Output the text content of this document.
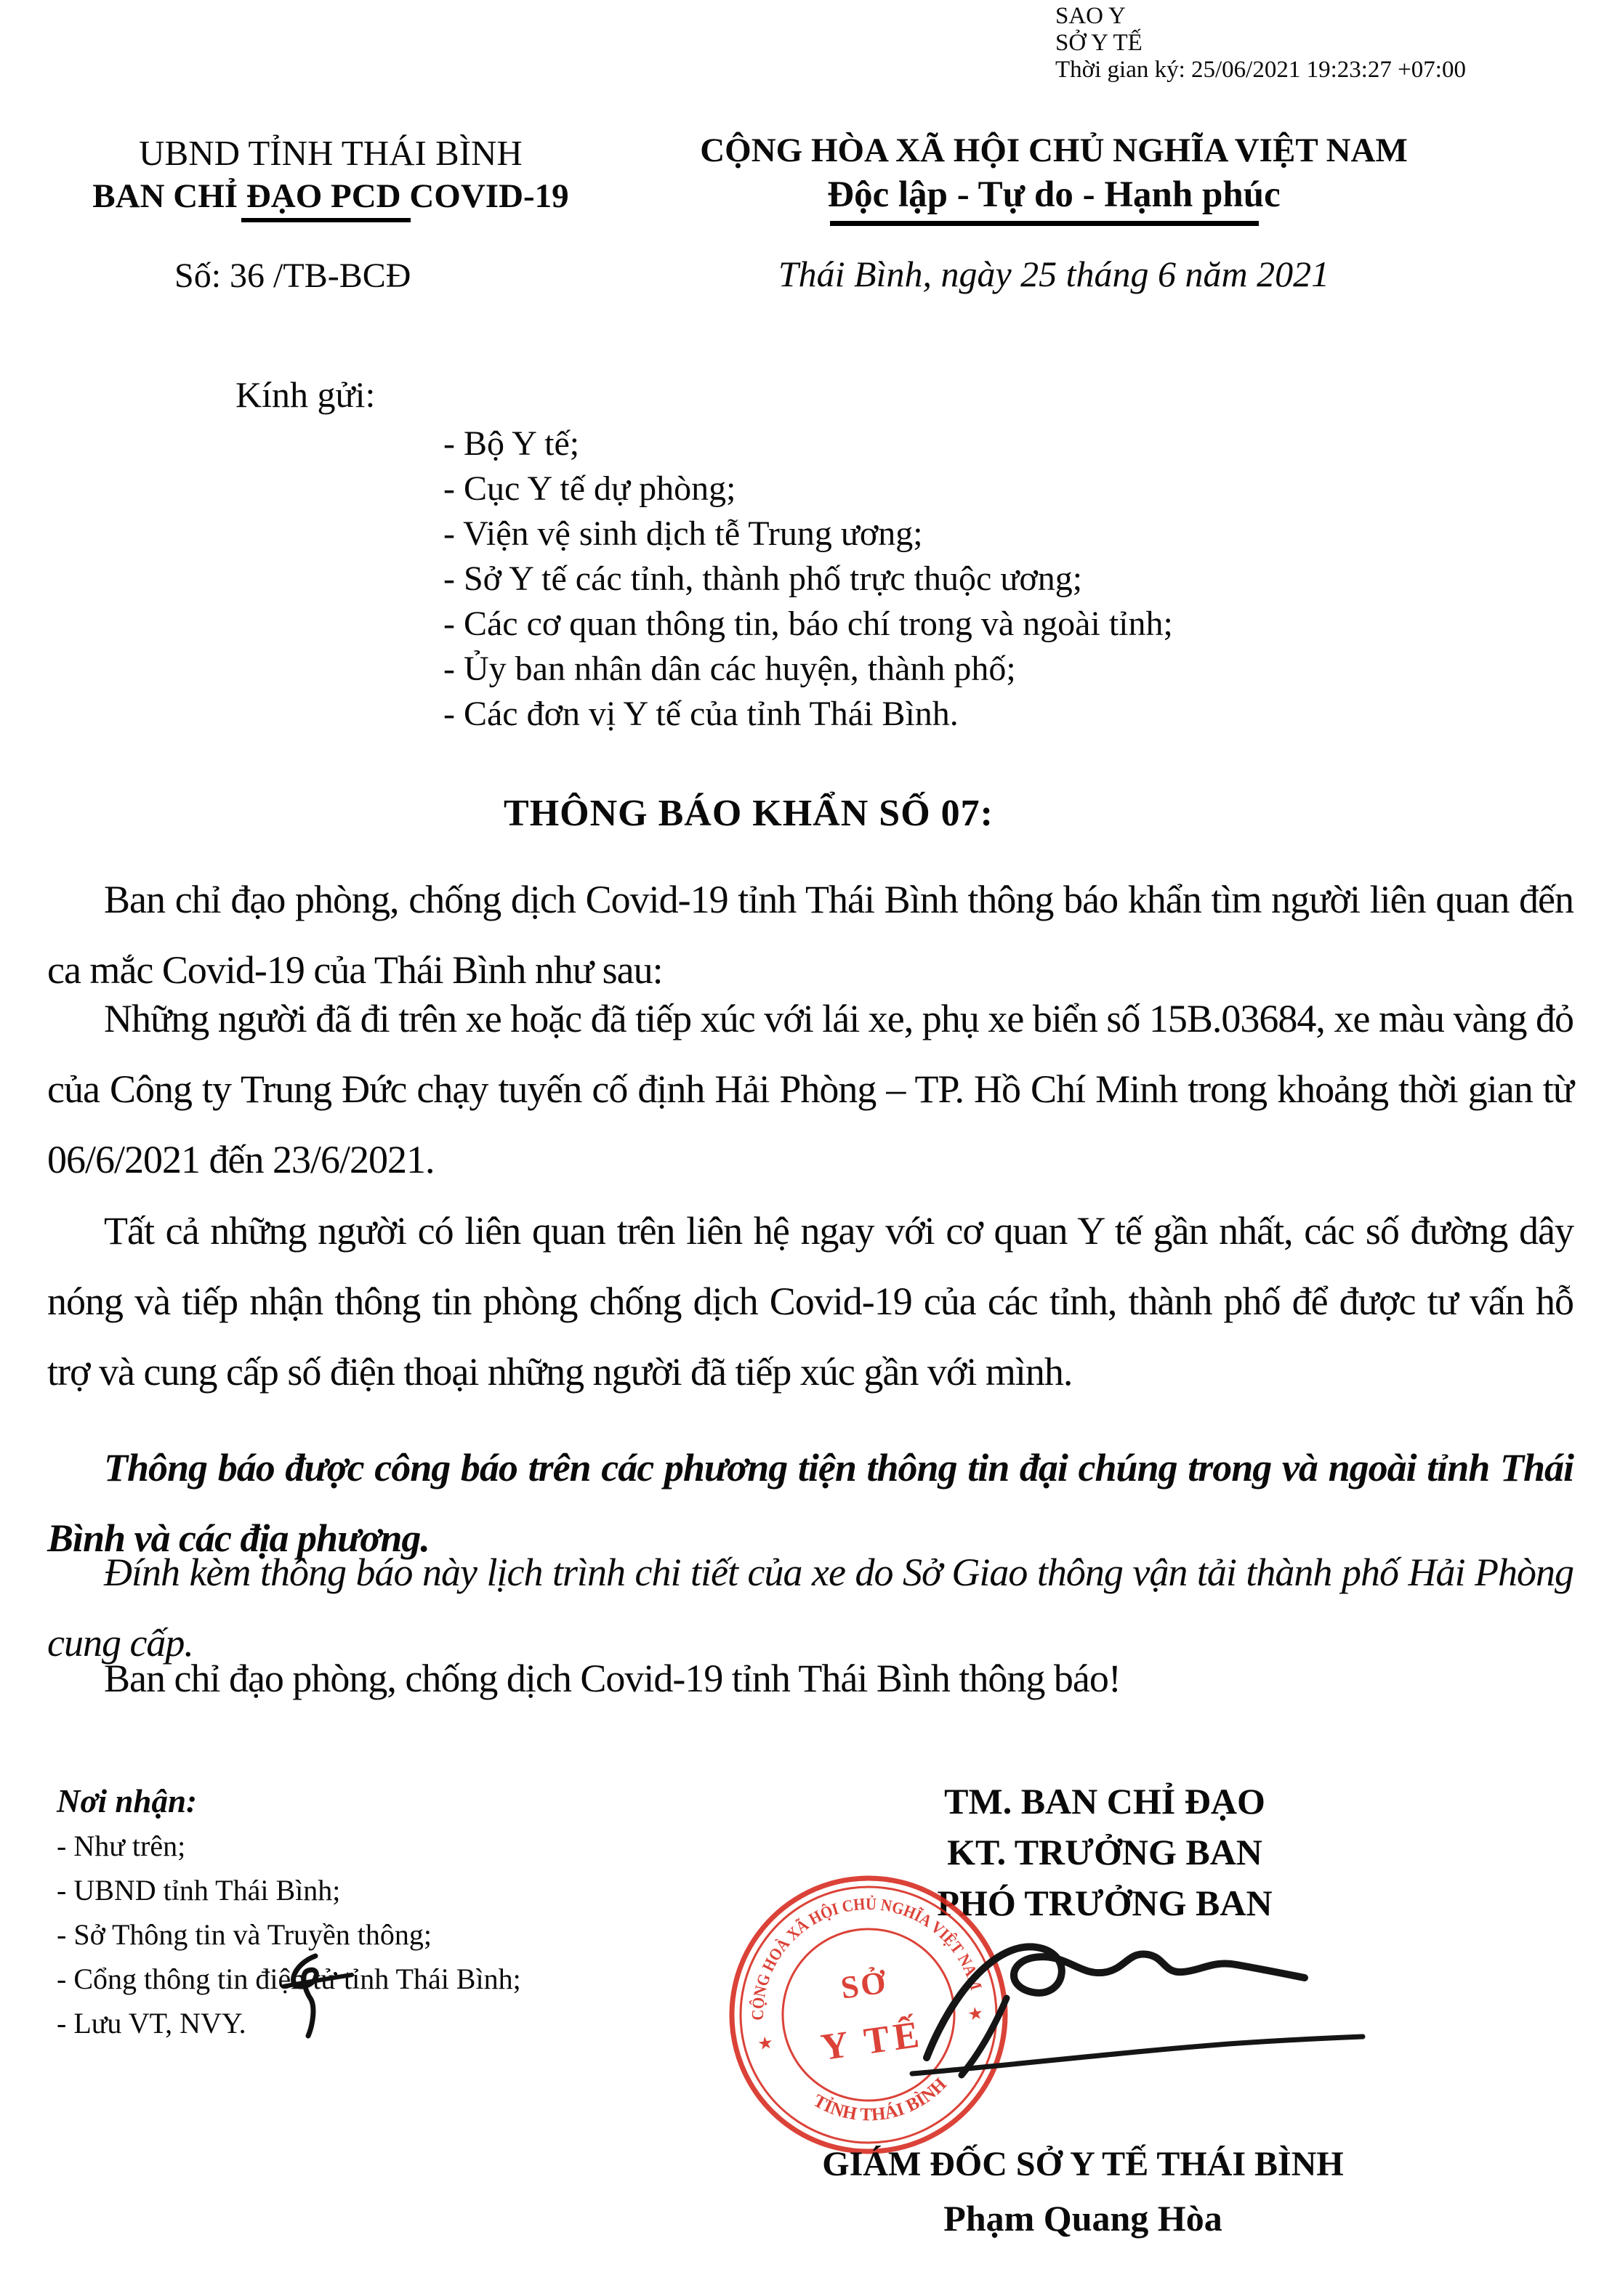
SAO Y
SỞ Y TẾ
Thời gian ký: 25/06/2021 19:23:27 +07:00
UBND TỈNH THÁI BÌNH
BAN CHỈ ĐẠO PCD COVID-19
CỘNG HÒA XÃ HỘI CHỦ NGHĨA VIỆT NAM
Độc lập - Tự do - Hạnh phúc
Số: 36 /TB-BCĐ	Thái Bình, ngày 25 tháng 6 năm 2021
Kính gửi:
- Bộ Y tế;
- Cục Y tế dự phòng;
- Viện vệ sinh dịch tễ Trung ương;
- Sở Y tế các tỉnh, thành phố trực thuộc ương;
- Các cơ quan thông tin, báo chí trong và ngoài tỉnh;
- Ủy ban nhân dân các huyện, thành phố;
- Các đơn vị Y tế của tỉnh Thái Bình.
THÔNG BÁO KHẨN SỐ 07:
Ban chỉ đạo phòng, chống dịch Covid-19 tỉnh Thái Bình thông báo khẩn tìm người liên quan đến ca mắc Covid-19 của Thái Bình như sau:
Những người đã đi trên xe hoặc đã tiếp xúc với lái xe, phụ xe biển số 15B.03684, xe màu vàng đỏ của Công ty Trung Đức chạy tuyến cố định Hải Phòng – TP. Hồ Chí Minh trong khoảng thời gian từ 06/6/2021 đến 23/6/2021.
Tất cả những người có liên quan trên liên hệ ngay với cơ quan Y tế gần nhất, các số đường dây nóng và tiếp nhận thông tin phòng chống dịch Covid-19 của các tỉnh, thành phố để được tư vấn hỗ trợ và cung cấp số điện thoại những người đã tiếp xúc gần với mình.
Thông báo được công báo trên các phương tiện thông tin đại chúng trong và ngoài tỉnh Thái Bình và các địa phương.
Đính kèm thông báo này lịch trình chi tiết của xe do Sở Giao thông vận tải thành phố Hải Phòng cung cấp.
Ban chỉ đạo phòng, chống dịch Covid-19 tỉnh Thái Bình thông báo!
Nơi nhận:
- Như trên;
- UBND tỉnh Thái Bình;
- Sở Thông tin và Truyền thông;
- Cổng thông tin điện tử tỉnh Thái Bình;
- Lưu VT, NVY.
TM. BAN CHỈ ĐẠO
KT. TRƯỞNG BAN
PHÓ TRƯỞNG BAN
CỘNG HOÀ XÃ HỘI CHỦ NGHĨA VIỆT NAM
TỈNH THÁI BÌNH
★
★
SỞ
Y TẾ
GIÁM ĐỐC SỞ Y TẾ THÁI BÌNH
Phạm Quang Hòa
